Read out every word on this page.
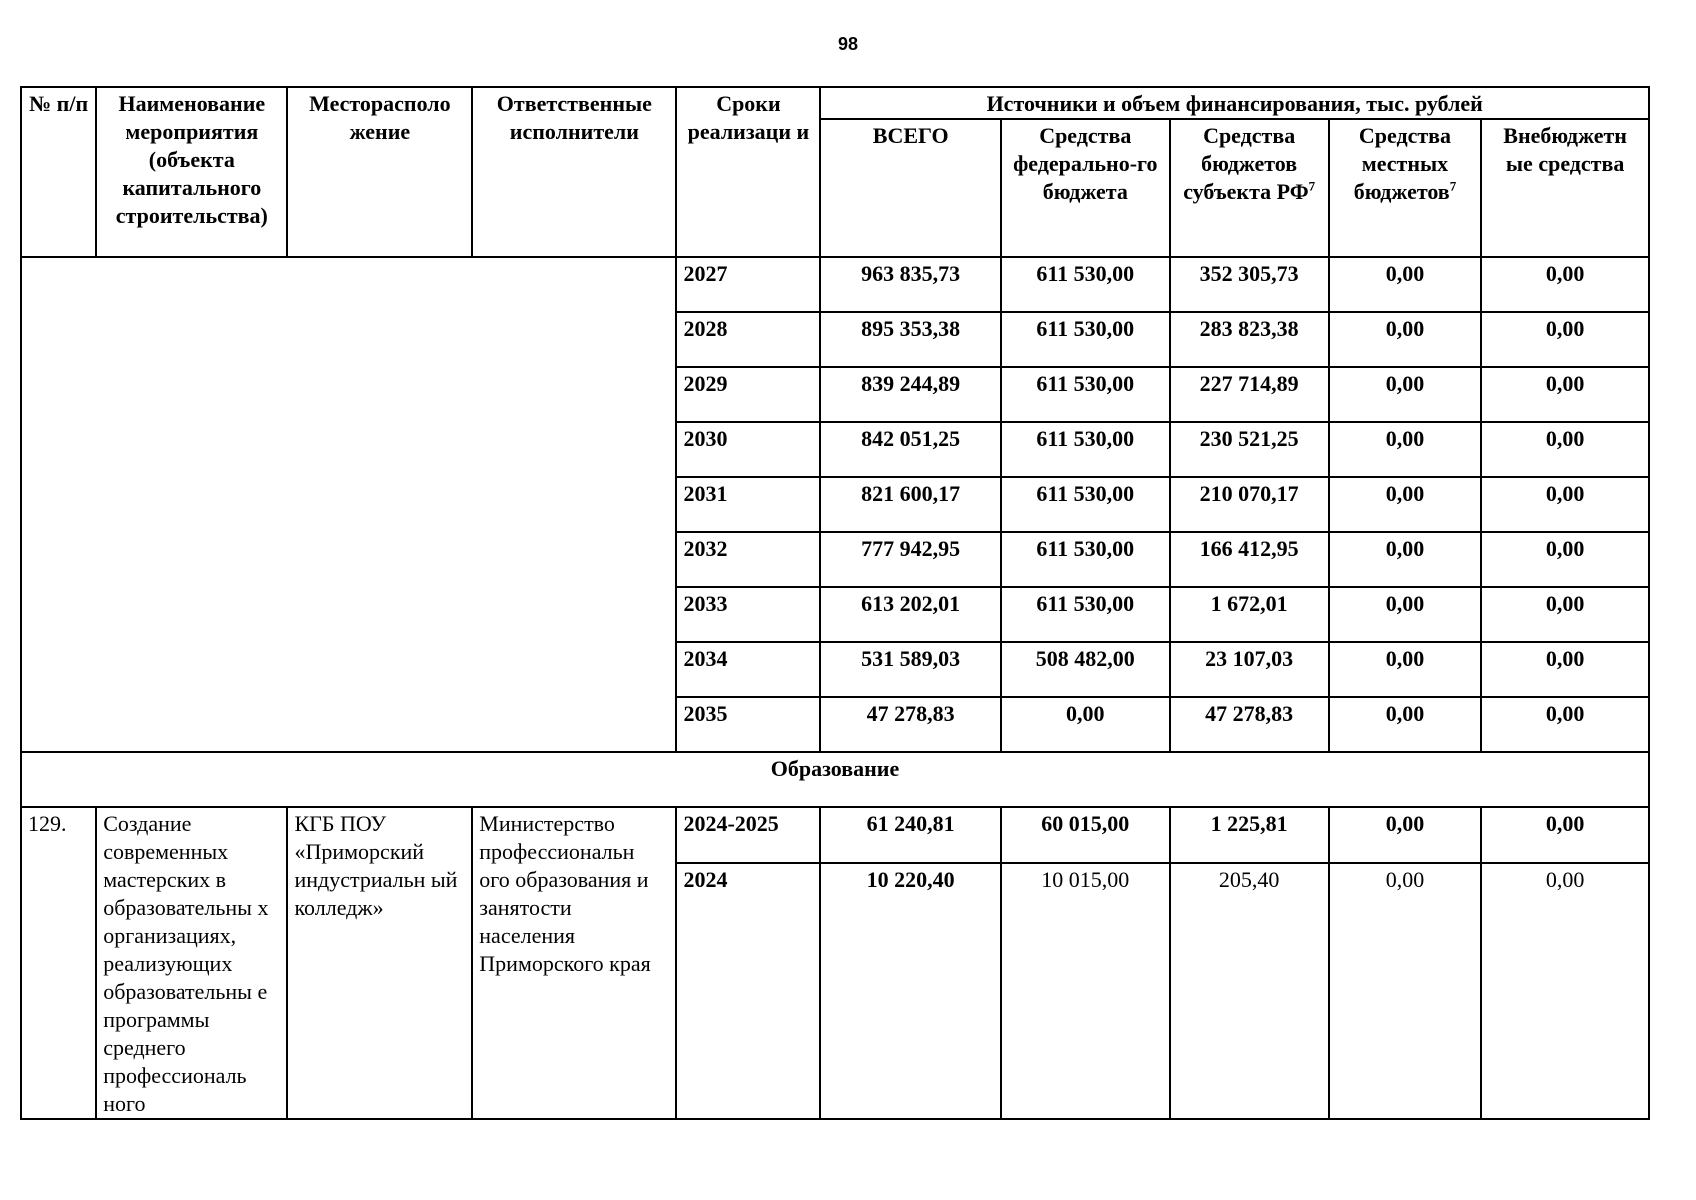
98
№ п/п	Наименование мероприятия (объекта капитального строительства)	Месторасполо жение	Ответственные исполнители	Сроки реализаци и	Источники и объем финансирования, тыс. рублей				
					ВСЕГО	Средства федерально-го бюджета	Средства бюджетов субъекта $РФ^7$	Средства местных бюджетов$^7$	Внебюджетн ые средства
				2027	963 835,73	611 530,00	352 305,73	0,00	0,00
				2028	895 353,38	611 530,00	283 823,38	0,00	0,00
				2029	839 244,89	611 530,00	227 714,89	0,00	0,00
				2030	842 051,25	611 530,00	230 521,25	0,00	0,00
				2031	821 600,17	611 530,00	210 070,17	0,00	0,00
				2032	777 942,95	611 530,00	166 412,95	0,00	0,00
				2033	613 202,01	611 530,00	1 672,01	0,00	0,00
				2034	531 589,03	508 482,00	23 107,03	0,00	0,00
				2035	47 278,83	0,00	47 278,83	0,00	0,00
Образование									
129.	Создание современных мастерских в образовательны х организациях, реализующих образовательны е программы среднего профессиональ ного	КГБ ПОУ «Приморский индустриальн ый колледж»	Министерство профессиональн ого образования и занятости населения Приморского края	2024-2025	61 240,81	60 015,00	1 225,81	0,00	0,00
				2024	10 220,40	10 015,00	205,40	0,00	0,00
